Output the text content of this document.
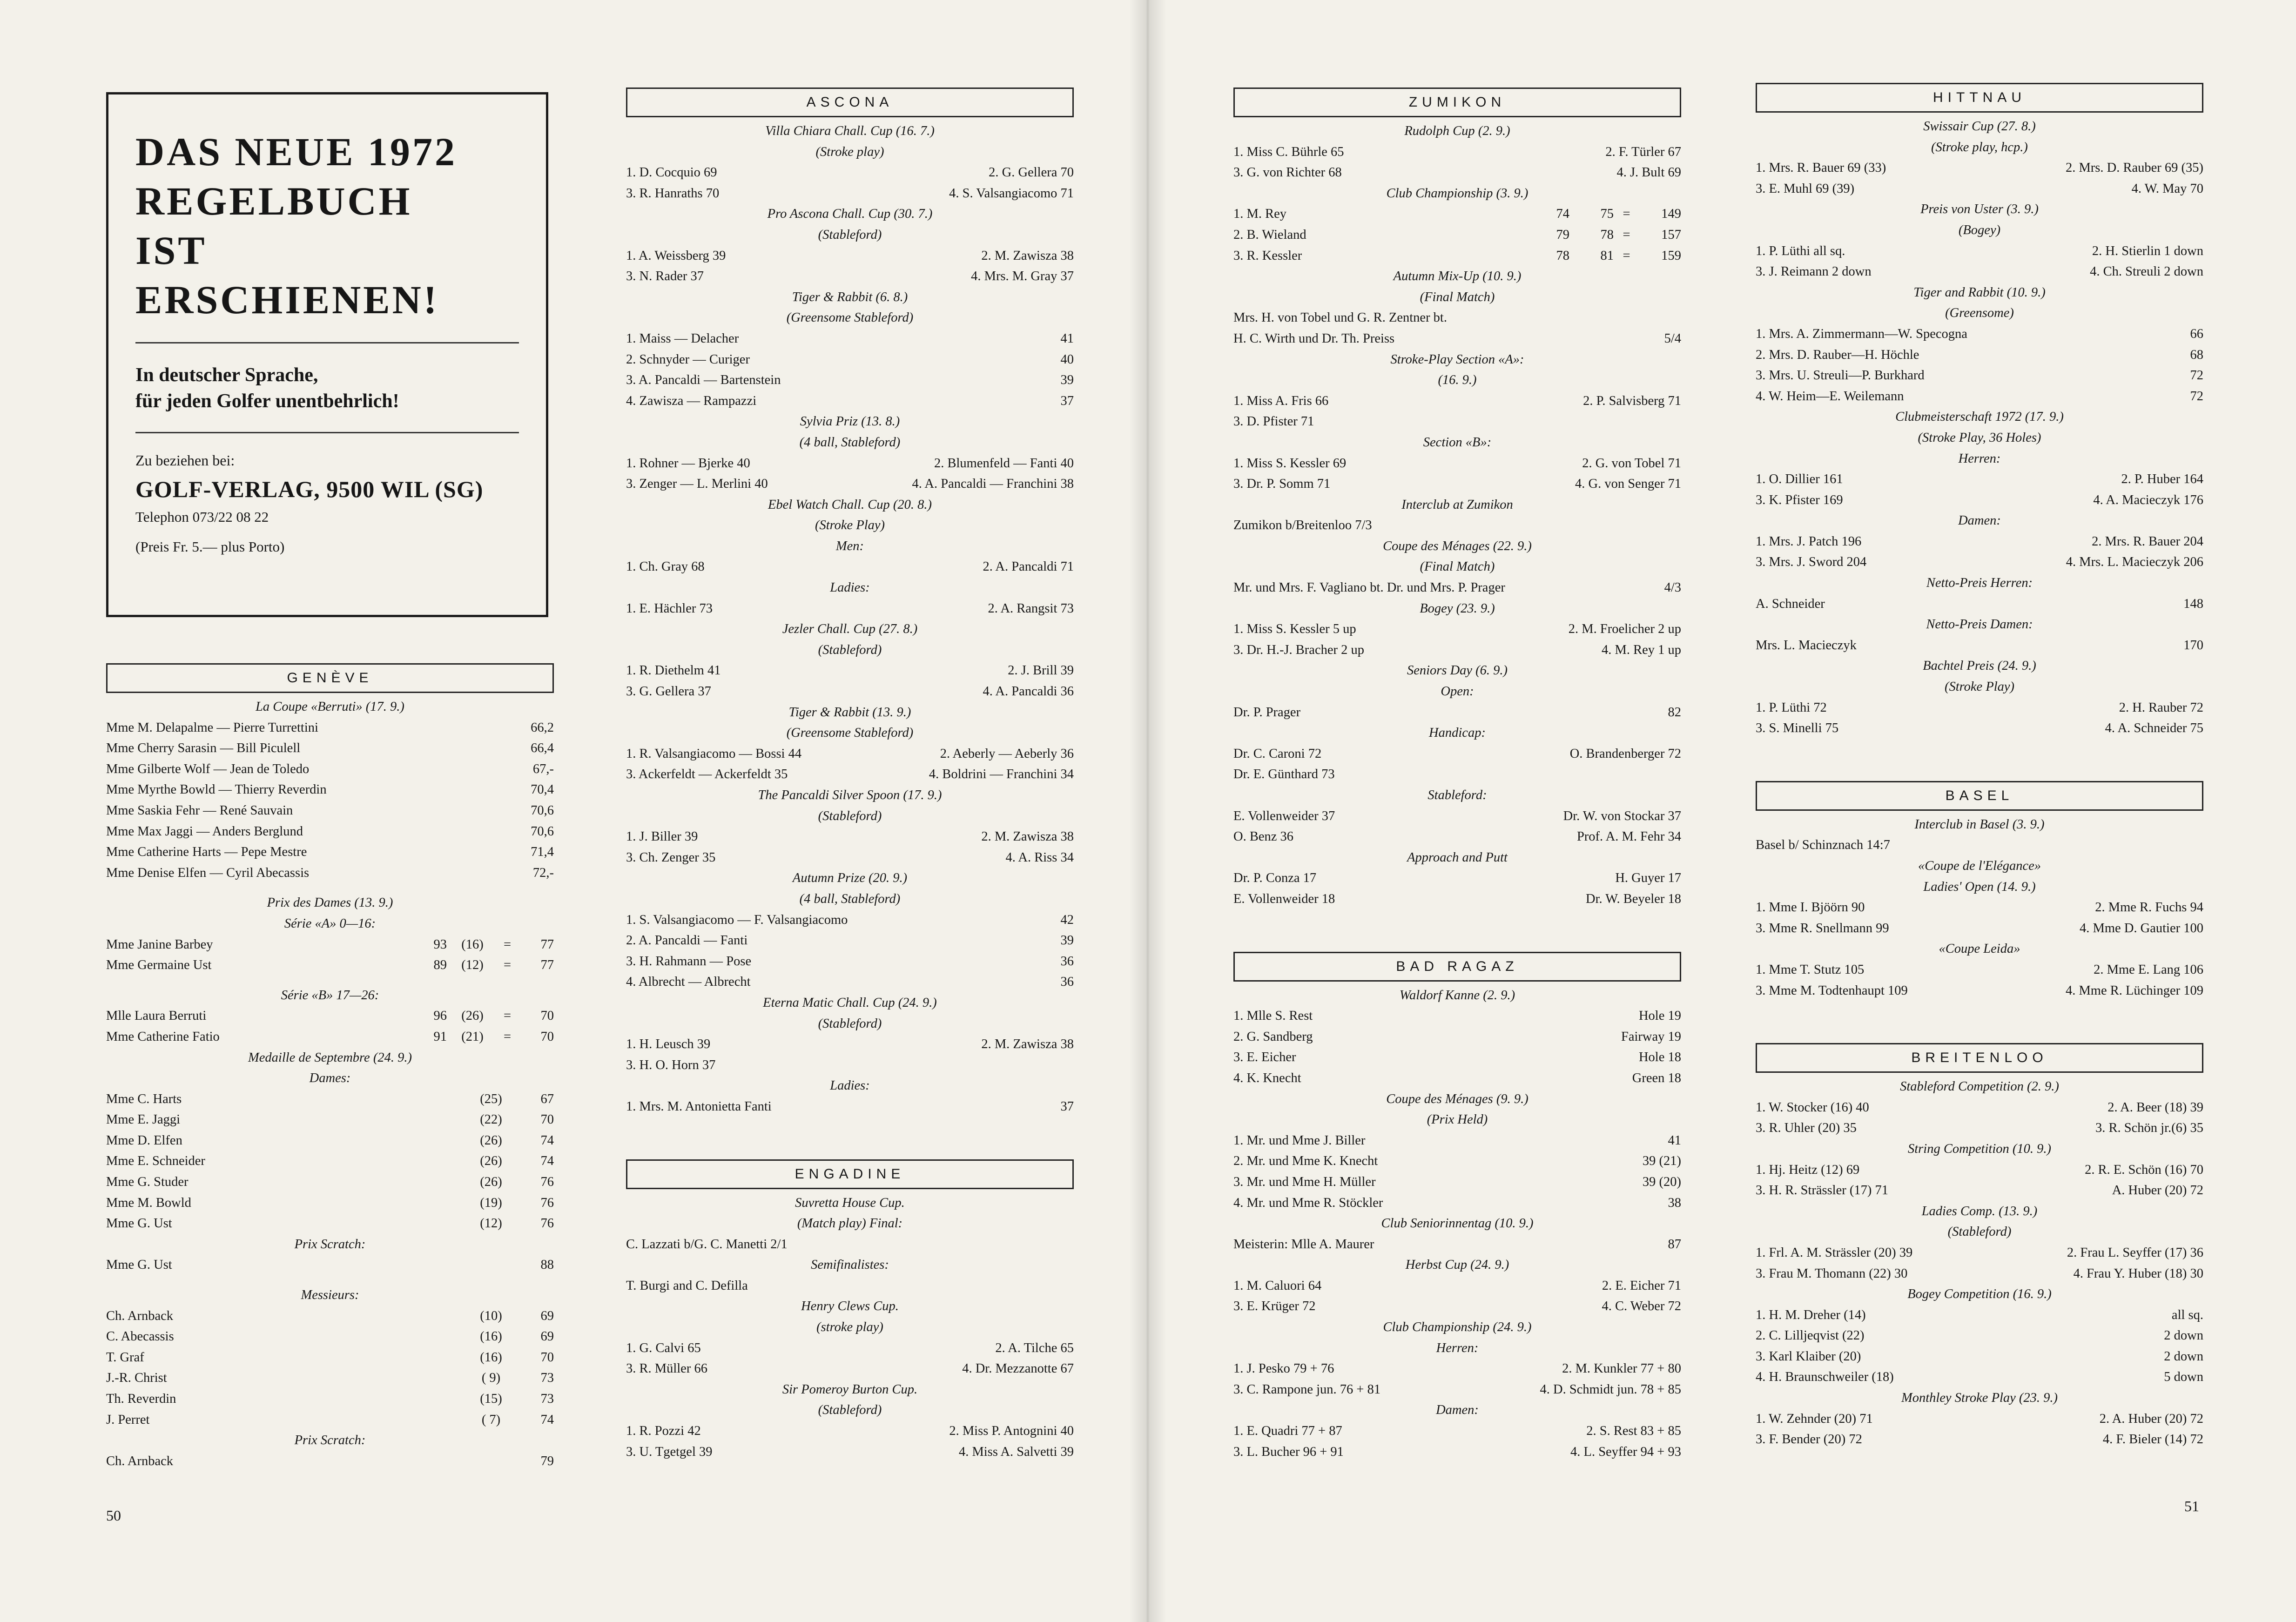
DAS NEUE 1972
REGELBUCH
IST
ERSCHIENEN!
In deutscher Sprache,
für jeden Golfer unentbehrlich!
Zu beziehen bei:
GOLF-VERLAG, 9500 WIL (SG)
Telephon 073/22 08 22
(Preis Fr. 5.— plus Porto)
GENÈVE
La Coupe «Berruti» (17. 9.)
Mme M. Delapalme — Pierre Turrettini	66,2
Mme Cherry Sarasin — Bill Piculell	66,4
Mme Gilberte Wolf — Jean de Toledo	67,-
Mme Myrthe Bowld — Thierry Reverdin	70,4
Mme Saskia Fehr — René Sauvain	70,6
Mme Max Jaggi — Anders Berglund	70,6
Mme Catherine Harts — Pepe Mestre	71,4
Mme Denise Elfen — Cyril Abecassis	72,-
Prix des Dames (13. 9.)
Série «A» 0—16:
Mme Janine Barbey	93	(16)	=	77
Mme Germaine Ust	89	(12)	=	77
Série «B» 17—26:
Mlle Laura Berruti	96	(26)	=	70
Mme Catherine Fatio	91	(21)	=	70
Medaille de Septembre (24. 9.)
Dames:
Mme C. Harts	(25)	67
Mme E. Jaggi	(22)	70
Mme D. Elfen	(26)	74
Mme E. Schneider	(26)	74
Mme G. Studer	(26)	76
Mme M. Bowld	(19)	76
Mme G. Ust	(12)	76
Prix Scratch:
Mme G. Ust	88
Messieurs:
Ch. Arnback	(10)	69
C. Abecassis	(16)	69
T. Graf	(16)	70
J.-R. Christ	( 9)	73
Th. Reverdin	(15)	73
J. Perret	( 7)	74
Prix Scratch:
Ch. Arnback	79
ASCONA
Villa Chiara Chall. Cup (16. 7.)
(Stroke play)
1. D. Cocquio 69	2. G. Gellera 70
3. R. Hanraths 70	4. S. Valsangiacomo 71
Pro Ascona Chall. Cup (30. 7.)
(Stableford)
1. A. Weissberg 39	2. M. Zawisza 38
3. N. Rader 37	4. Mrs. M. Gray 37
Tiger & Rabbit (6. 8.)
(Greensome Stableford)
1. Maiss — Delacher	41
2. Schnyder — Curiger	40
3. A. Pancaldi — Bartenstein	39
4. Zawisza — Rampazzi	37
Sylvia Priz (13. 8.)
(4 ball, Stableford)
1. Rohner — Bjerke 40	2. Blumenfeld — Fanti 40
3. Zenger — L. Merlini 40	4. A. Pancaldi — Franchini 38
Ebel Watch Chall. Cup (20. 8.)
(Stroke Play)
Men:
1. Ch. Gray 68	2. A. Pancaldi 71
Ladies:
1. E. Hächler 73	2. A. Rangsit 73
Jezler Chall. Cup (27. 8.)
(Stableford)
1. R. Diethelm 41	2. J. Brill 39
3. G. Gellera 37	4. A. Pancaldi 36
Tiger & Rabbit (13. 9.)
(Greensome Stableford)
1. R. Valsangiacomo — Bossi 44	2. Aeberly — Aeberly 36
3. Ackerfeldt — Ackerfeldt 35	4. Boldrini — Franchini 34
The Pancaldi Silver Spoon (17. 9.)
(Stableford)
1. J. Biller 39	2. M. Zawisza 38
3. Ch. Zenger 35	4. A. Riss 34
Autumn Prize (20. 9.)
(4 ball, Stableford)
1. S. Valsangiacomo — F. Valsangiacomo	42
2. A. Pancaldi — Fanti	39
3. H. Rahmann — Pose	36
4. Albrecht — Albrecht	36
Eterna Matic Chall. Cup (24. 9.)
(Stableford)
1. H. Leusch 39	2. M. Zawisza 38
3. H. O. Horn 37
Ladies:
1. Mrs. M. Antonietta Fanti	37
ENGADINE
Suvretta House Cup.
(Match play) Final:
C. Lazzati b/G. C. Manetti 2/1
Semifinalistes:
T. Burgi and C. Defilla
Henry Clews Cup.
(stroke play)
1. G. Calvi 65	2. A. Tilche 65
3. R. Müller 66	4. Dr. Mezzanotte 67
Sir Pomeroy Burton Cup.
(Stableford)
1. R. Pozzi 42	2. Miss P. Antognini 40
3. U. Tgetgel 39	4. Miss A. Salvetti 39
ZUMIKON
Rudolph Cup (2. 9.)
1. Miss C. Bührle 65	2. F. Türler 67
3. G. von Richter 68	4. J. Bult 69
Club Championship (3. 9.)
1. M. Rey	74	75 =	149
2. B. Wieland	79	78 =	157
3. R. Kessler	78	81 =	159
Autumn Mix-Up (10. 9.)
(Final Match)
Mrs. H. von Tobel und G. R. Zentner bt.
H. C. Wirth und Dr. Th. Preiss	5/4
Stroke-Play Section «A»:
(16. 9.)
1. Miss A. Fris 66	2. P. Salvisberg 71
3. D. Pfister 71
Section «B»:
1. Miss S. Kessler 69	2. G. von Tobel 71
3. Dr. P. Somm 71	4. G. von Senger 71
Interclub at Zumikon
Zumikon b/Breitenloo 7/3
Coupe des Ménages (22. 9.)
(Final Match)
Mr. und Mrs. F. Vagliano bt. Dr. und Mrs. P. Prager	4/3
Bogey (23. 9.)
1. Miss S. Kessler 5 up	2. M. Froelicher 2 up
3. Dr. H.-J. Bracher 2 up	4. M. Rey 1 up
Seniors Day (6. 9.)
Open:
Dr. P. Prager	82
Handicap:
Dr. C. Caroni 72	O. Brandenberger 72
Dr. E. Günthard 73
Stableford:
E. Vollenweider 37	Dr. W. von Stockar 37
O. Benz 36	Prof. A. M. Fehr 34
Approach and Putt
Dr. P. Conza 17	H. Guyer 17
E. Vollenweider 18	Dr. W. Beyeler 18
BAD RAGAZ
Waldorf Kanne (2. 9.)
1. Mlle S. Rest	Hole 19
2. G. Sandberg	Fairway 19
3. E. Eicher	Hole 18
4. K. Knecht	Green 18
Coupe des Ménages (9. 9.)
(Prix Held)
1. Mr. und Mme J. Biller	41
2. Mr. und Mme K. Knecht	39 (21)
3. Mr. und Mme H. Müller	39 (20)
4. Mr. und Mme R. Stöckler	38
Club Seniorinnentag (10. 9.)
Meisterin: Mlle A. Maurer	87
Herbst Cup (24. 9.)
1. M. Caluori 64	2. E. Eicher 71
3. E. Krüger 72	4. C. Weber 72
Club Championship (24. 9.)
Herren:
1. J. Pesko 79 + 76	2. M. Kunkler 77 + 80
3. C. Rampone jun. 76 + 81	4. D. Schmidt jun. 78 + 85
Damen:
1. E. Quadri 77 + 87	2. S. Rest 83 + 85
3. L. Bucher 96 + 91	4. L. Seyffer 94 + 93
HITTNAU
Swissair Cup (27. 8.)
(Stroke play, hcp.)
1. Mrs. R. Bauer 69 (33)	2. Mrs. D. Rauber 69 (35)
3. E. Muhl 69 (39)	4. W. May 70
Preis von Uster (3. 9.)
(Bogey)
1. P. Lüthi all sq.	2. H. Stierlin 1 down
3. J. Reimann 2 down	4. Ch. Streuli 2 down
Tiger and Rabbit (10. 9.)
(Greensome)
1. Mrs. A. Zimmermann—W. Specogna	66
2. Mrs. D. Rauber—H. Höchle	68
3. Mrs. U. Streuli—P. Burkhard	72
4. W. Heim—E. Weilemann	72
Clubmeisterschaft 1972 (17. 9.)
(Stroke Play, 36 Holes)
Herren:
1. O. Dillier 161	2. P. Huber 164
3. K. Pfister 169	4. A. Macieczyk 176
Damen:
1. Mrs. J. Patch 196	2. Mrs. R. Bauer 204
3. Mrs. J. Sword 204	4. Mrs. L. Macieczyk 206
Netto-Preis Herren:
A. Schneider	148
Netto-Preis Damen:
Mrs. L. Macieczyk	170
Bachtel Preis (24. 9.)
(Stroke Play)
1. P. Lüthi 72	2. H. Rauber 72
3. S. Minelli 75	4. A. Schneider 75
BASEL
Interclub in Basel (3. 9.)
Basel b/ Schinznach 14:7
«Coupe de l'Elégance»
Ladies' Open (14. 9.)
1. Mme I. Bjöörn 90	2. Mme R. Fuchs 94
3. Mme R. Snellmann 99	4. Mme D. Gautier 100
«Coupe Leida»
1. Mme T. Stutz 105	2. Mme E. Lang 106
3. Mme M. Todtenhaupt 109	4. Mme R. Lüchinger 109
BREITENLOO
Stableford Competition (2. 9.)
1. W. Stocker (16) 40	2. A. Beer (18) 39
3. R. Uhler (20) 35	3. R. Schön jr.(6) 35
String Competition (10. 9.)
1. Hj. Heitz (12) 69	2. R. E. Schön (16) 70
3. H. R. Strässler (17) 71	A. Huber (20) 72
Ladies Comp. (13. 9.)
(Stableford)
1. Frl. A. M. Strässler (20) 39	2. Frau L. Seyffer (17) 36
3. Frau M. Thomann (22) 30	4. Frau Y. Huber (18) 30
Bogey Competition (16. 9.)
1. H. M. Dreher (14)	all sq.
2. C. Lilljeqvist (22)	2 down
3. Karl Klaiber (20)	2 down
4. H. Braunschweiler (18)	5 down
Monthley Stroke Play (23. 9.)
1. W. Zehnder (20) 71	2. A. Huber (20) 72
3. F. Bender (20) 72	4. F. Bieler (14) 72
50
51
